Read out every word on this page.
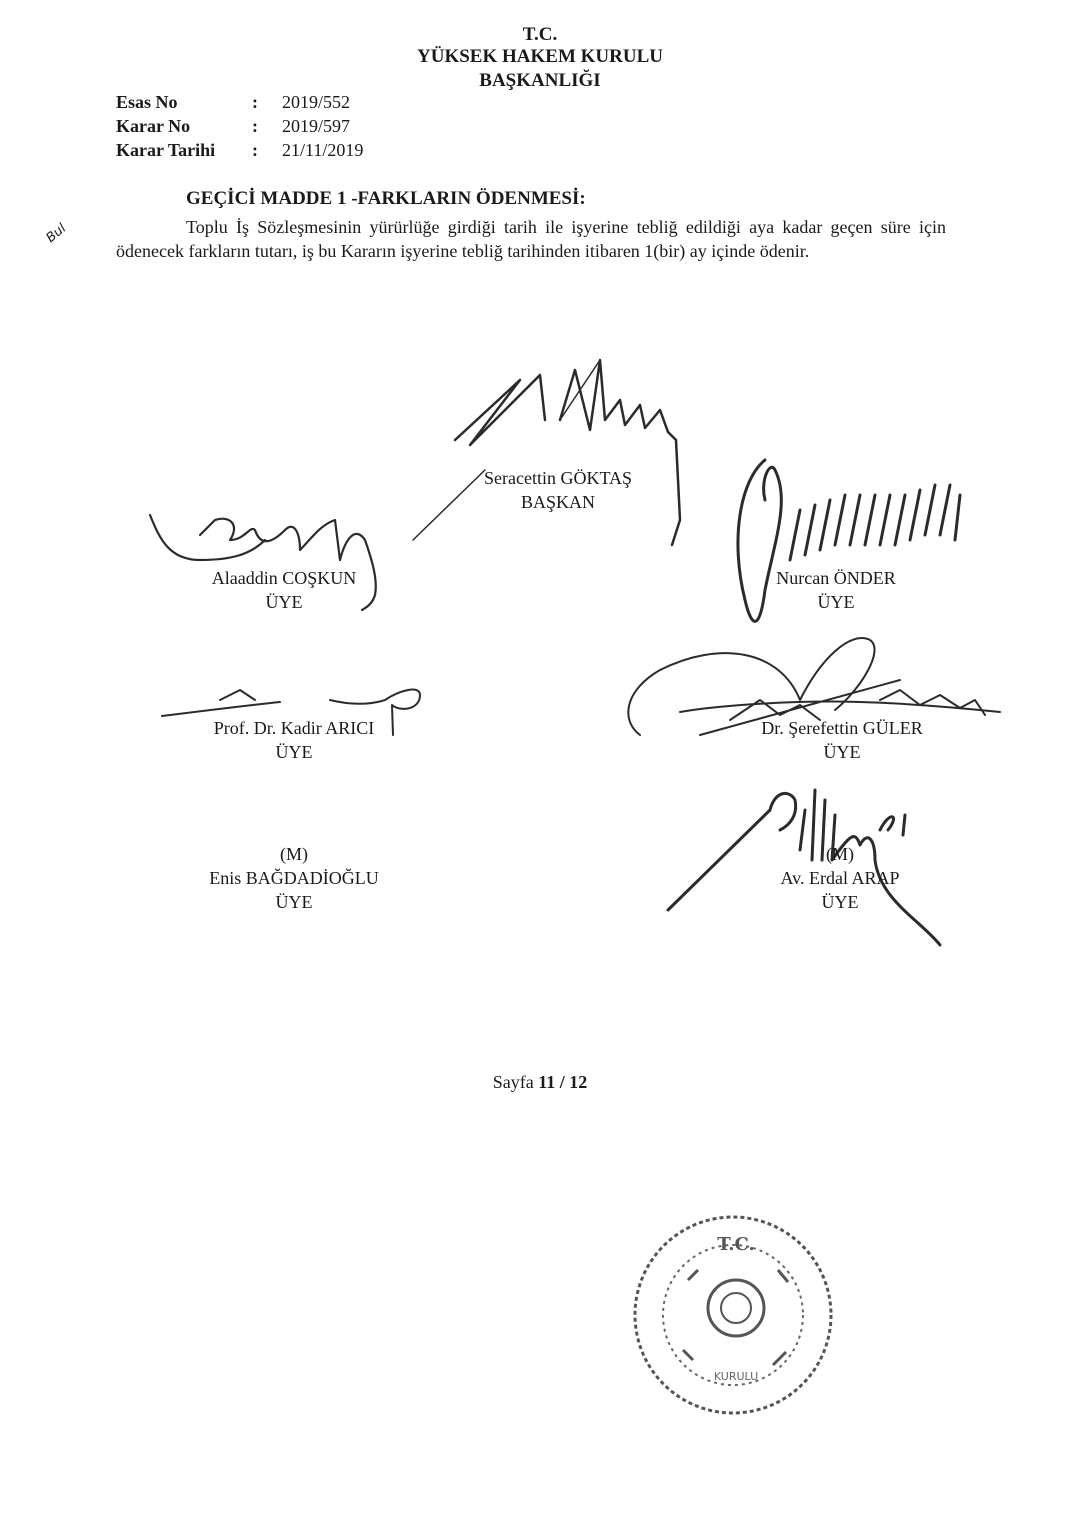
T.C.
YÜKSEK HAKEM KURULU
BAŞKANLIĞI
Esas No	: 2019/552
Karar No	: 2019/597
Karar Tarihi : 21/11/2019
Bul
GEÇİCİ MADDE 1 -FARKLARIN ÖDENMESİ:
Toplu İş Sözleşmesinin yürürlüğe girdiği tarih ile işyerine tebliğ edildiği aya kadar geçen süre için ödenecek farkların tutarı, iş bu Kararın işyerine tebliğ tarihinden itibaren 1(bir) ay içinde ödenir.
Seracettin GÖKTAŞ
BAŞKAN
Alaaddin COŞKUN
ÜYE
Nurcan ÖNDER
ÜYE
Prof. Dr. Kadir ARICI
ÜYE
Dr. Şerefettin GÜLER
ÜYE
(M)
Enis BAĞDADİOĞLU
ÜYE
(M)
Av. Erdal ARAP
ÜYE
T.C.
KURULU
Sayfa 11 / 12
